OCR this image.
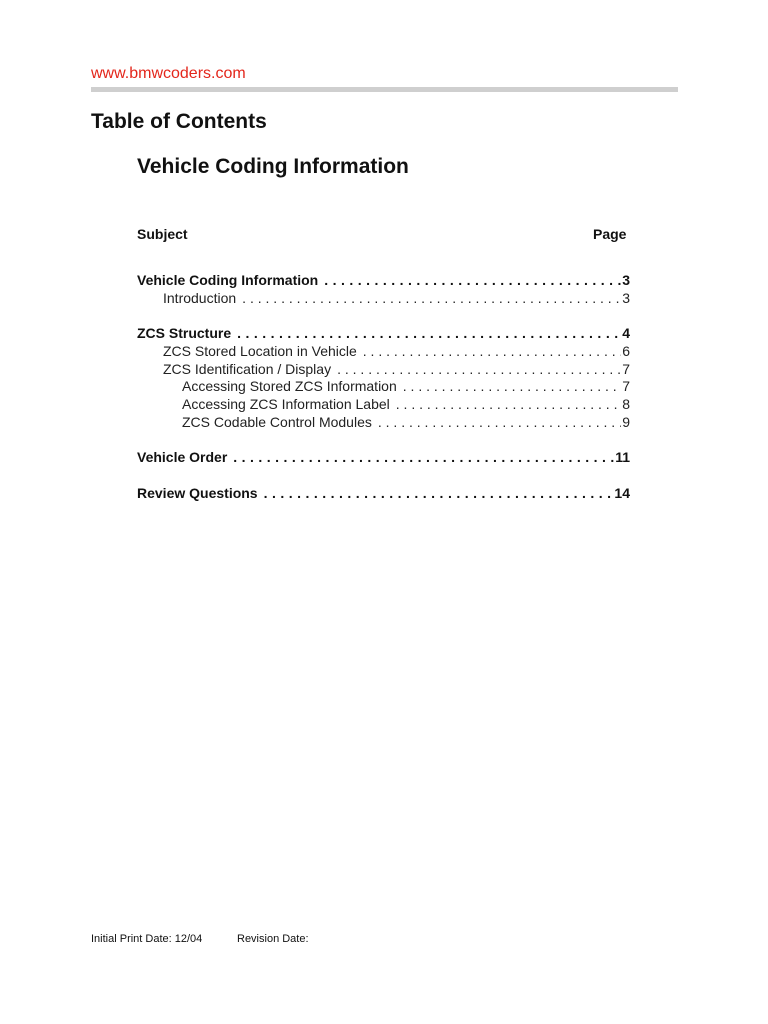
www.bmwcoders.com
Table of Contents
Vehicle Coding Information
Subject	Page
Vehicle Coding Information . . .	3
Introduction . . .	3
ZCS Structure . . .	4
ZCS Stored Location in Vehicle . . .	6
ZCS Identification / Display . . .	7
Accessing Stored ZCS Information . . .	7
Accessing ZCS Information Label . . .	8
ZCS Codable Control Modules . . .	9
Vehicle Order . . .	11
Review Questions . . .	14
Initial Print Date: 12/04	Revision Date:
